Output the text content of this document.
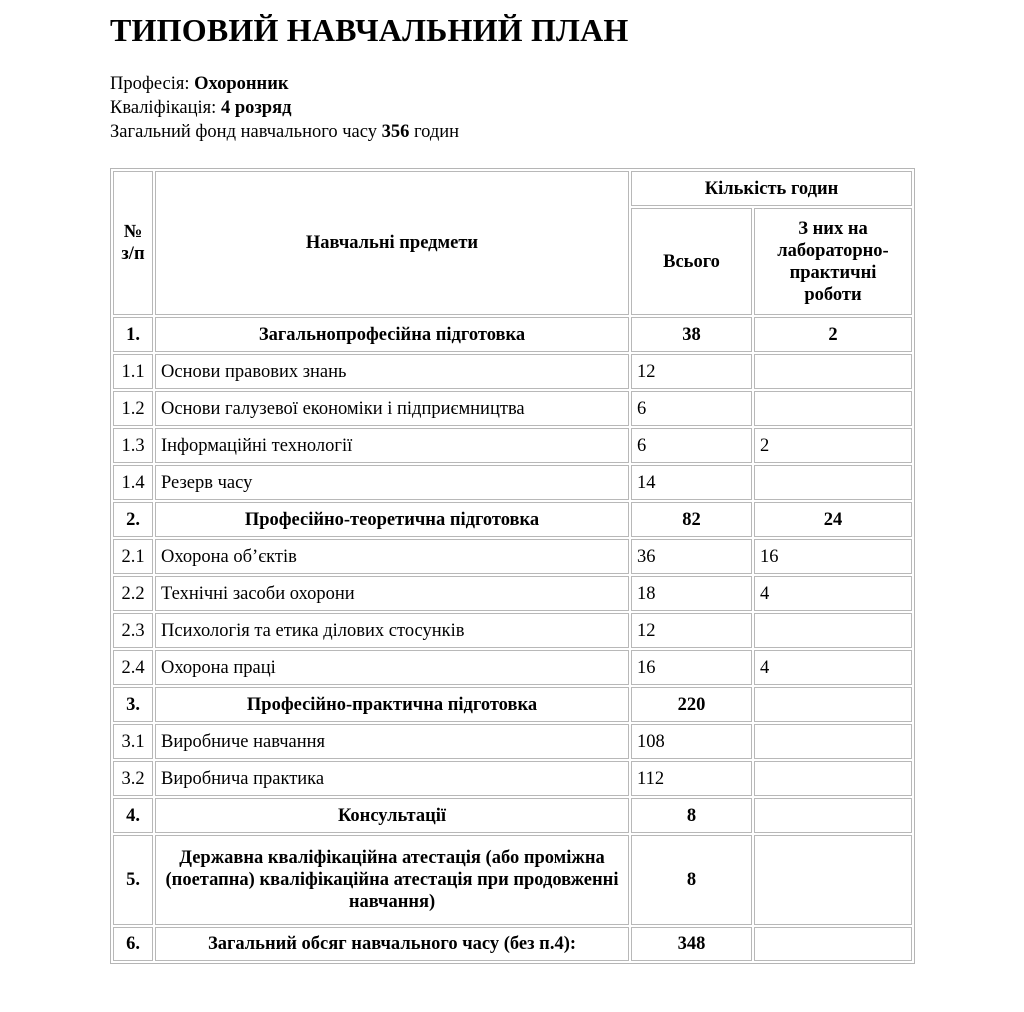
ТИПОВИЙ НАВЧАЛЬНИЙ ПЛАН
Професія: Охоронник
Кваліфікація: 4 розряд
Загальний фонд навчального часу 356 годин
№ з/п	Навчальні предмети	Кількість годин	
		Всього	З них на лабораторно-практичні роботи
1.	Загальнопрофесійна підготовка	38	2
1.1	Основи правових знань	12	
1.2	Основи галузевої економіки і підприємництва	6	
1.3	Інформаційні технології	6	2
1.4	Резерв часу	14	
2.	Професійно-теоретична підготовка	82	24
2.1	Охорона об’єктів	36	16
2.2	Технічні засоби охорони	18	4
2.3	Психологія та етика ділових стосунків	12	
2.4	Охорона праці	16	4
3.	Професійно-практична підготовка	220	
3.1	Виробниче навчання	108	
3.2	Виробнича практика	112	
4.	Консультації	8	
5.	Державна кваліфікаційна атестація (або проміжна (поетапна) кваліфікаційна атестація при продовженні навчання)	8	
6.	Загальний обсяг навчального часу (без п.4):	348	
